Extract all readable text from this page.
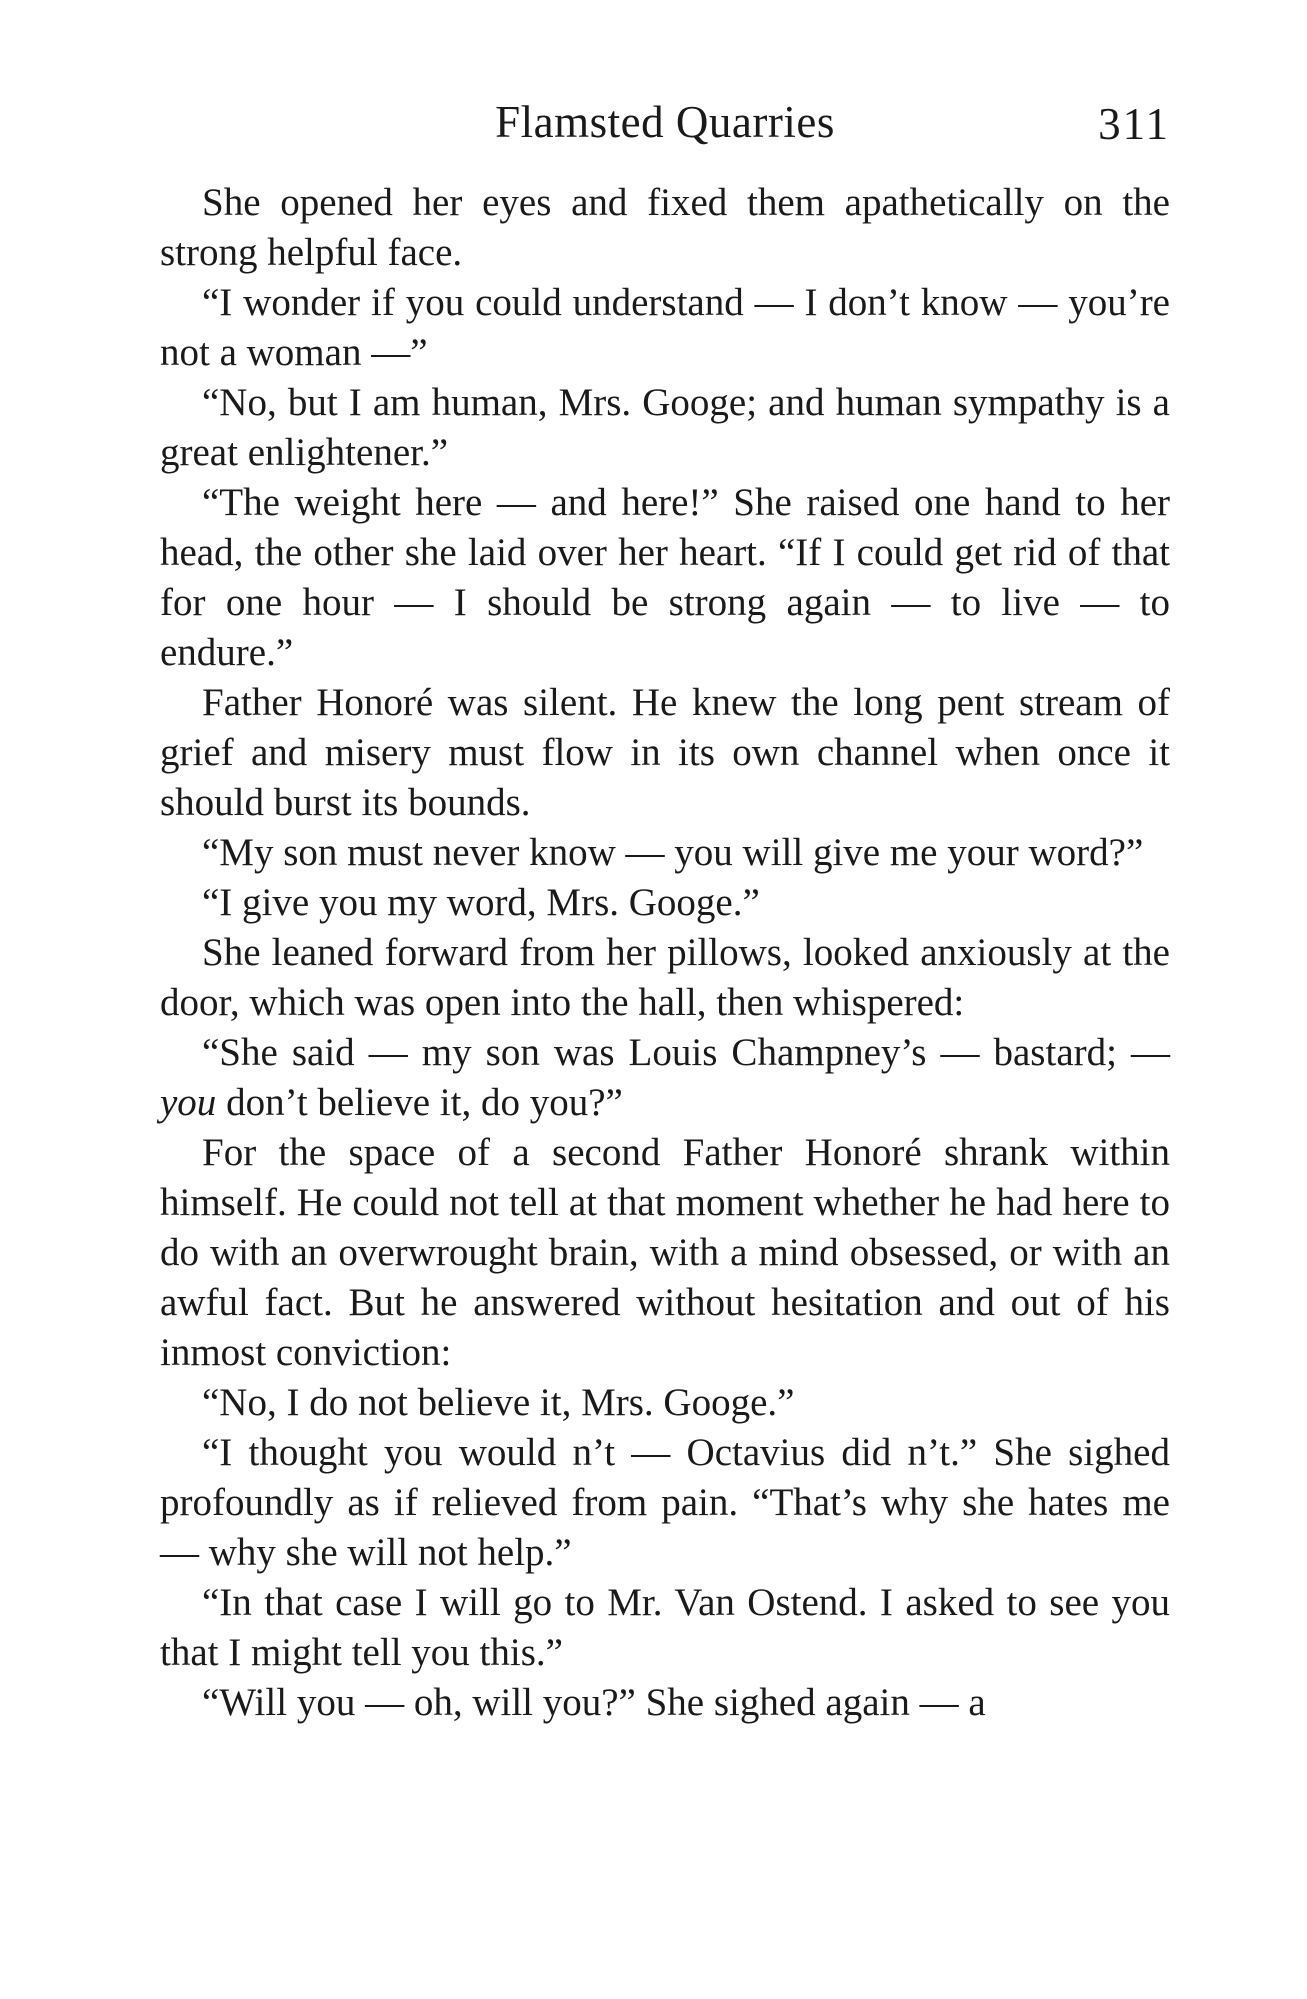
Flamsted Quarries	311

She opened her eyes and fixed them apathetically on the strong helpful face.

“I wonder if you could understand — I don’t know — you’re not a woman —”

“No, but I am human, Mrs. Googe; and human sympathy is a great enlightener.”

“The weight here — and here!” She raised one hand to her head, the other she laid over her heart. “If I could get rid of that for one hour — I should be strong again — to live — to endure.”

Father Honoré was silent. He knew the long pent stream of grief and misery must flow in its own channel when once it should burst its bounds.

“My son must never know — you will give me your word?”

“I give you my word, Mrs. Googe.”

She leaned forward from her pillows, looked anxiously at the door, which was open into the hall, then whispered:

“She said — my son was Louis Champney’s — bastard; — you don’t believe it, do you?”

For the space of a second Father Honoré shrank within himself. He could not tell at that moment whether he had here to do with an overwrought brain, with a mind obsessed, or with an awful fact. But he answered without hesitation and out of his inmost conviction:

“No, I do not believe it, Mrs. Googe.”

“I thought you would n’t — Octavius did n’t.” She sighed profoundly as if relieved from pain. “That’s why she hates me — why she will not help.”

“In that case I will go to Mr. Van Ostend. I asked to see you that I might tell you this.”

“Will you — oh, will you?” She sighed again — a
